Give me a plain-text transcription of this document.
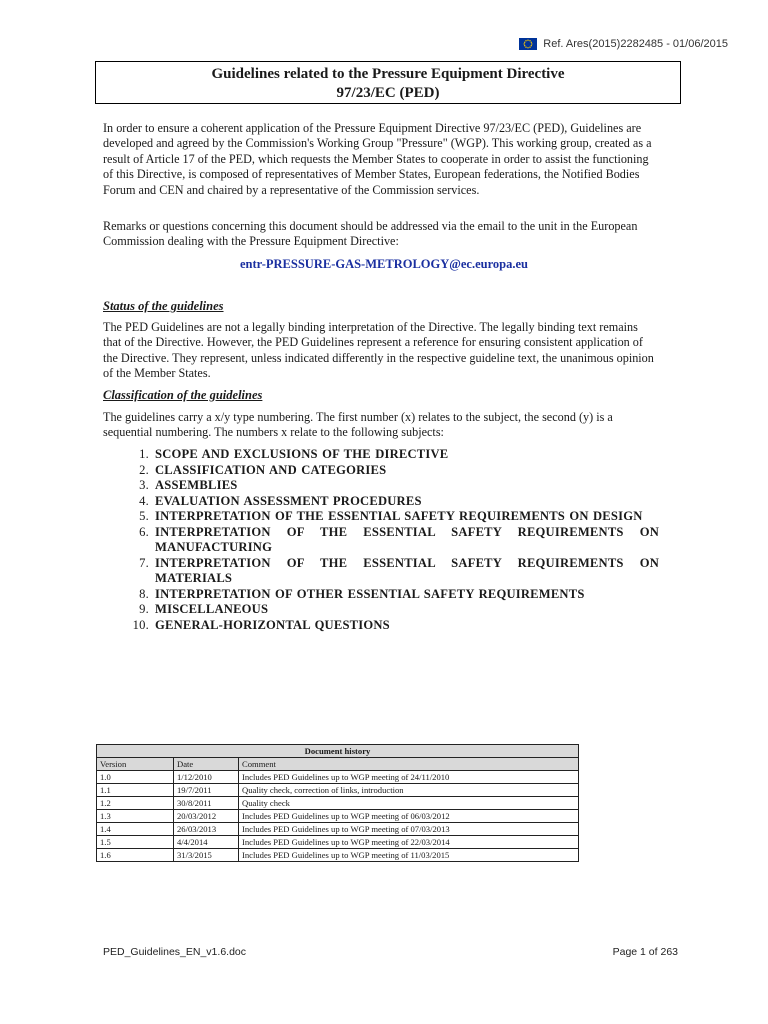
Ref. Ares(2015)2282485 - 01/06/2015
Guidelines related to the Pressure Equipment Directive
97/23/EC (PED)

In order to ensure a coherent application of the Pressure Equipment Directive 97/23/EC (PED), Guidelines are developed and agreed by the Commission's Working Group "Pressure" (WGP). This working group, created as a result of Article 17 of the PED, which requests the Member States to cooperate in order to assist the functioning of this Directive, is composed of representatives of Member States, European federations, the Notified Bodies Forum and CEN and chaired by a representative of the Commission services.

Remarks or questions concerning this document should be addressed via the email to the unit in the European Commission dealing with the Pressure Equipment Directive:

entr-PRESSURE-GAS-METROLOGY@ec.europa.eu
Status of the guidelines

The PED Guidelines are not a legally binding interpretation of the Directive. The legally binding text remains that of the Directive. However, the PED Guidelines represent a reference for ensuring consistent application of the Directive. They represent, unless indicated differently in the respective guideline text, the unanimous opinion of the Member States.

Classification of the guidelines

The guidelines carry a x/y type numbering. The first number (x) relates to the subject, the second (y) is a sequential numbering. The numbers x relate to the following subjects:

1. SCOPE AND EXCLUSIONS OF THE DIRECTIVE
2. CLASSIFICATION AND CATEGORIES
3. ASSEMBLIES
4. EVALUATION ASSESSMENT PROCEDURES
5. INTERPRETATION OF THE ESSENTIAL SAFETY REQUIREMENTS ON DESIGN
6. INTERPRETATION OF THE ESSENTIAL SAFETY REQUIREMENTS ON MANUFACTURING
7. INTERPRETATION OF THE ESSENTIAL SAFETY REQUIREMENTS ON MATERIALS
8. INTERPRETATION OF OTHER ESSENTIAL SAFETY REQUIREMENTS
9. MISCELLANEOUS
10. GENERAL-HORIZONTAL QUESTIONS
Document history		
Version	Date	Comment
1.0	1/12/2010	Includes PED Guidelines up to WGP meeting of 24/11/2010
1.1	19/7/2011	Quality check, correction of links, introduction
1.2	30/8/2011	Quality check
1.3	20/03/2012	Includes PED Guidelines up to WGP meeting of 06/03/2012
1.4	26/03/2013	Includes PED Guidelines up to WGP meeting of 07/03/2013
1.5	4/4/2014	Includes PED Guidelines up to WGP meeting of 22/03/2014
1.6	31/3/2015	Includes PED Guidelines up to WGP meeting of 11/03/2015
PED_Guidelines_EN_v1.6.doc	Page 1 of 263
